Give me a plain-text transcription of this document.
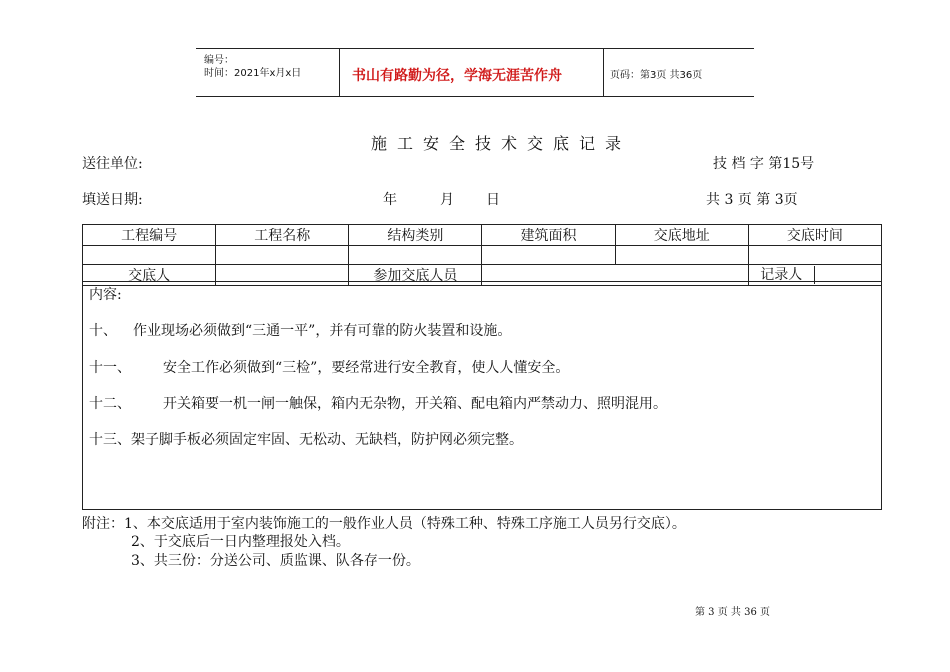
编号：
时间：2021年x月x日	书山有路勤为径，学海无涯苦作舟	页码：第3页 共36页
施工安全技术交底记录
送往单位:	技 档 字 第15号
填送日期:	年	月 日	共 3 页 第 3页
工程编号	工程名称	结构类别	建筑面积	交底地址	交底时间

交底人		参加交底人员			记录人
内容:
十、 作业现场必须做到“三通一平”，并有可靠的防火装置和设施。
十一、 安全工作必须做到“三检”，要经常进行安全教育，使人人懂安全。
十二、 开关箱要一机一闸一触保，箱内无杂物，开关箱、配电箱内严禁动力、照明混用。
十三、架子脚手板必须固定牢固、无松动、无缺档，防护网必须完整。
附注：1、本交底适用于室内装饰施工的一般作业人员（特殊工种、特殊工序施工人员另行交底）。
2、于交底后一日内整理报处入档。
3、共三份：分送公司、质监课、队各存一份。
第 3 页 共 36 页
